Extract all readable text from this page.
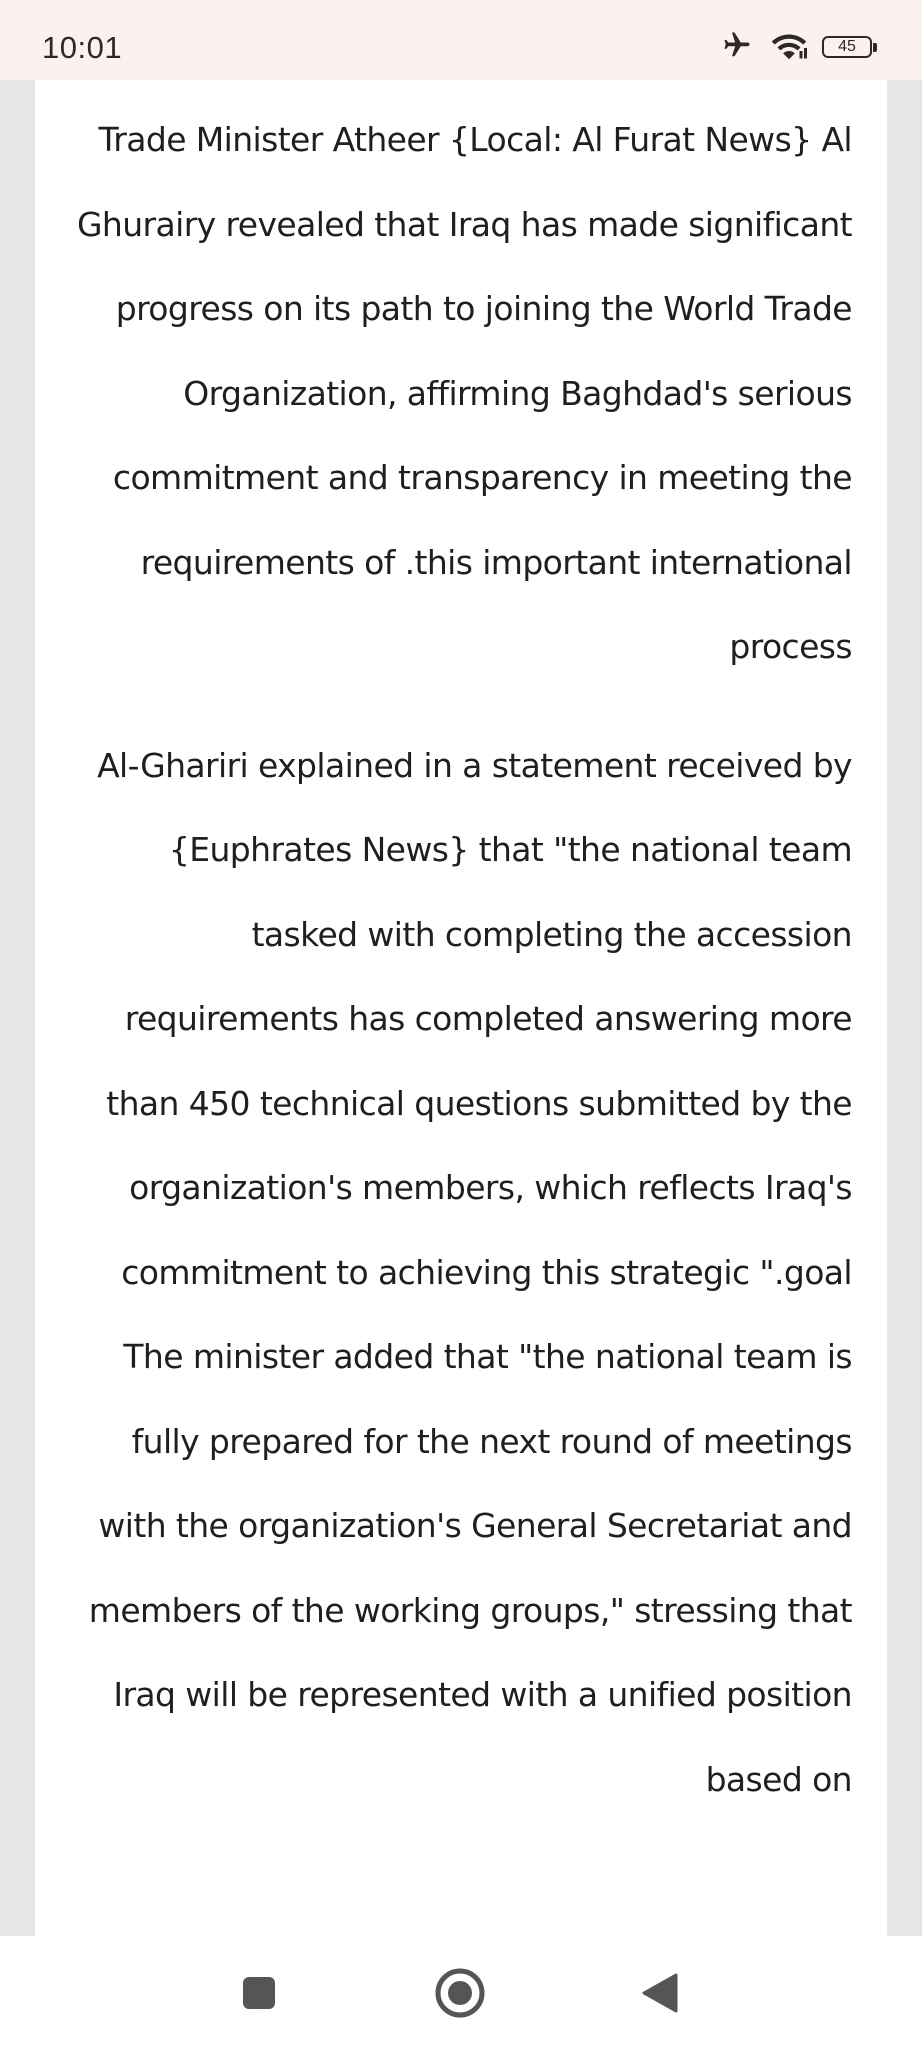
10:01	45

Trade Minister Atheer {Local: Al Furat News} Al Ghurairy revealed that Iraq has made significant progress on its path to joining the World Trade Organization, affirming Baghdad's serious commitment and transparency in meeting the requirements of .this important international process

Al-Ghariri explained in a statement received by {Euphrates News} that "the national team tasked with completing the accession requirements has completed answering more than 450 technical questions submitted by the organization's members, which reflects Iraq's commitment to achieving this strategic ".goal

The minister added that "the national team is fully prepared for the next round of meetings with the organization's General Secretariat and members of the working groups," stressing that Iraq will be represented with a unified position based on
